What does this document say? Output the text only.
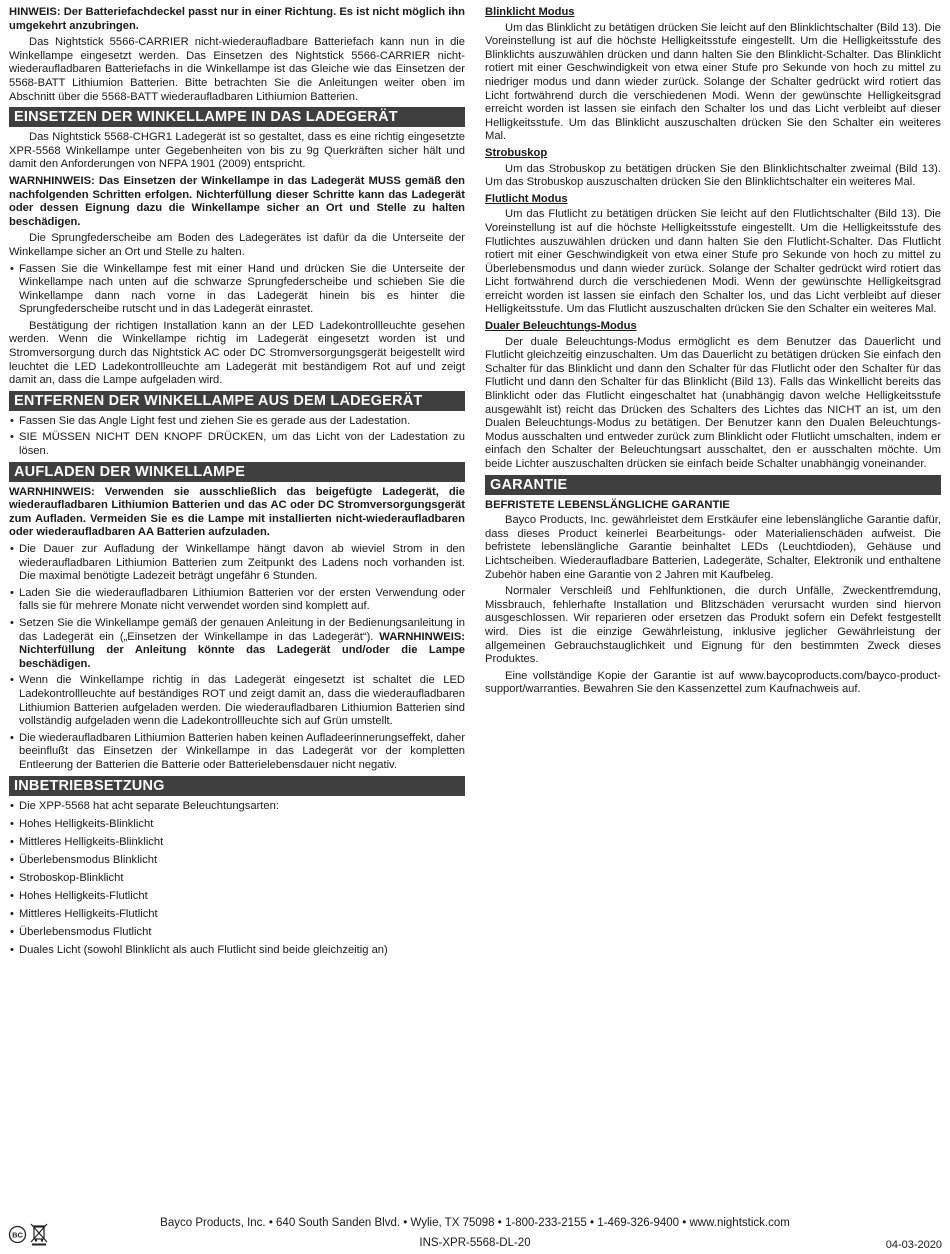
HINWEIS: Der Batteriefachdeckel passt nur in einer Richtung. Es ist nicht möglich ihn umgekehrt anzubringen.

Das Nightstick 5566-CARRIER nicht-wiederaufladbare Batteriefach kann nun in die Winkellampe eingesetzt werden. Das Einsetzen des Nightstick 5566-CARRIER nicht-wiederaufladbaren Batteriefachs in die Winkellampe ist das Gleiche wie das Einsetzen der 5568-BATT Lithiumion Batterien. Bitte betrachten Sie die Anleitungen weiter oben im Abschnitt über die 5568-BATT wiederaufladbaren Lithiumion Batterien.

EINSETZEN DER WINKELLAMPE IN DAS LADEGERÄT

Das Nightstick 5568-CHGR1 Ladegerät ist so gestaltet, dass es eine richtig eingesetzte XPR-5568 Winkellampe unter Gegebenheiten von bis zu 9g Querkräften sicher hält und damit den Anforderungen von NFPA 1901 (2009) entspricht.

WARNHINWEIS: Das Einsetzen der Winkellampe in das Ladegerät MUSS gemäß den nachfolgenden Schritten erfolgen. Nichterfüllung dieser Schritte kann das Ladegerät oder dessen Eignung dazu die Winkellampe sicher an Ort und Stelle zu halten beschädigen.

Die Sprungfederscheibe am Boden des Ladegerätes ist dafür da die Unterseite der Winkellampe sicher an Ort und Stelle zu halten.

• Fassen Sie die Winkellampe fest mit einer Hand und drücken Sie die Unterseite der Winkellampe nach unten auf die schwarze Sprungfederscheibe und schieben Sie die Winkellampe dann nach vorne in das Ladegerät hinein bis es hinter die Sprungfederscheibe rutscht und in das Ladegerät einrastet.

Bestätigung der richtigen Installation kann an der LED Ladekontrollleuchte gesehen werden. Wenn die Winkellampe richtig im Ladegerät eingesetzt worden ist und Stromversorgung durch das Nightstick AC oder DC Stromversorgungsgerät beigestellt wird leuchtet die LED Ladekontrollleuchte am Ladegerät mit beständigem Rot auf und zeigt damit an, dass die Lampe aufgeladen wird.

ENTFERNEN DER WINKELLAMPE AUS DEM LADEGERÄT
• Fassen Sie das Angle Light fest und ziehen Sie es gerade aus der Ladestation.
• SIE MÜSSEN NICHT DEN KNOPF DRÜCKEN, um das Licht von der Ladestation zu lösen.
AUFLADEN DER WINKELLAMPE

WARNHINWEIS: Verwenden sie ausschließlich das beigefügte Ladegerät, die wiederaufladbaren Lithiumion Batterien und das AC oder DC Stromversorgungsgerät zum Aufladen. Vermeiden Sie es die Lampe mit installierten nicht-wiederaufladbaren oder wiederaufladbaren AA Batterien aufzuladen.

• Die Dauer zur Aufladung der Winkellampe hängt davon ab wieviel Strom in den wiederaufladbaren Lithiumion Batterien zum Zeitpunkt des Ladens noch vorhanden ist. Die maximal benötigte Ladezeit beträgt ungefähr 6 Stunden.
• Laden Sie die wiederaufladbaren Lithiumion Batterien vor der ersten Verwendung oder falls sie für mehrere Monate nicht verwendet worden sind komplett auf.
• Setzen Sie die Winkellampe gemäß der genauen Anleitung in der Bedienungsanleitung in das Ladegerät ein („Einsetzen der Winkellampe in das Ladegerät“). WARNHINWEIS: Nichterfüllung der Anleitung könnte das Ladegerät und/oder die Lampe beschädigen.
• Wenn die Winkellampe richtig in das Ladegerät eingesetzt ist schaltet die LED Ladekontrollleuchte auf beständiges ROT und zeigt damit an, dass die wiederaufladbaren Lithiumion Batterien aufgeladen werden. Die wiederaufladbaren Lithiumion Batterien sind vollständig aufgeladen wenn die Ladekontrollleuchte sich auf Grün umstellt.
• Die wiederaufladbaren Lithiumion Batterien haben keinen Aufladeerinnerungseffekt, daher beeinflußt das Einsetzen der Winkellampe in das Ladegerät vor der kompletten Entleerung der Batterien die Batterie oder Batterielebensdauer nicht negativ.
INBETRIEBSETZUNG
• Die XPP-5568 hat acht separate Beleuchtungsarten:
• Hohes Helligkeits-Blinklicht
• Mittleres Helligkeits-Blinklicht
• Überlebensmodus Blinklicht
• Stroboskop-Blinklicht
• Hohes Helligkeits-Flutlicht
• Mittleres Helligkeits-Flutlicht
• Überlebensmodus Flutlicht
• Duales Licht (sowohl Blinklicht als auch Flutlicht sind beide gleichzeitig an)

Blinklicht Modus

Um das Blinklicht zu betätigen drücken Sie leicht auf den Blinklichtschalter (Bild 13). Die Voreinstellung ist auf die höchste Helligkeitsstufe eingestellt. Um die Helligkeitsstufe des Blinklichts auszuwählen drücken und dann halten Sie den Blinklicht-Schalter. Das Blinklicht rotiert mit einer Geschwindigkeit von etwa einer Stufe pro Sekunde von hoch zu mittel zu niedriger modus und dann wieder zurück. Solange der Schalter gedrückt wird rotiert das Licht fortwährend durch die verschiedenen Modi. Wenn der gewünschte Helligkeitsgrad erreicht worden ist lassen sie einfach den Schalter los und das Licht verbleibt auf dieser Helligkeitsstufe. Um das Blinklicht auszuschalten drücken Sie den Schalter ein weiteres Mal.

Strobuskop

Um das Strobuskop zu betätigen drücken Sie den Blinklichtschalter zweimal (Bild 13). Um das Strobuskop auszuschalten drücken Sie den Blinklichtschalter ein weiteres Mal.

Flutlicht Modus

Um das Flutlicht zu betätigen drücken Sie leicht auf den Flutlichtschalter (Bild 13). Die Voreinstellung ist auf die höchste Helligkeitsstufe eingestellt. Um die Helligkeitsstufe des Flutlichtes auszuwählen drücken und dann halten Sie den Flutlicht-Schalter. Das Flutlicht rotiert mit einer Geschwindigkeit von etwa einer Stufe pro Sekunde von hoch zu mittel zu Überlebensmodus und dann wieder zurück. Solange der Schalter gedrückt wird rotiert das Licht fortwährend durch die verschiedenen Modi. Wenn der gewünschte Helligkeitsgrad erreicht worden ist lassen sie einfach den Schalter los, und das Licht verbleibt auf dieser Helligkeitsstufe. Um das Flutlicht auszuschalten drücken Sie den Schalter ein weiteres Mal.

Dualer Beleuchtungs-Modus

Der duale Beleuchtungs-Modus ermöglicht es dem Benutzer das Dauerlicht und Flutlicht gleichzeitig einzuschalten. Um das Dauerlicht zu betätigen drücken Sie einfach den Schalter für das Blinklicht und dann den Schalter für das Flutlicht oder den Schalter für das Flutlicht und dann den Schalter für das Blinklicht (Bild 13). Falls das Winkellicht bereits das Blinklicht oder das Flutlicht eingeschaltet hat (unabhängig davon welche Helligkeitsstufe ausgewählt ist) reicht das Drücken des Schalters des Lichtes das NICHT an ist, um den Dualen Beleuchtungs-Modus zu betätigen. Der Benutzer kann den Dualen Beleuchtungs-Modus ausschalten und entweder zurück zum Blinklicht oder Flutlicht umschalten, indem er einfach den Schalter der Beleuchtungsart ausschaltet, den er ausschalten möchte. Um beide Lichter auszuschalten drücken sie einfach beide Schalter unabhängig voneinander.

GARANTIE

BEFRISTETE LEBENSLÄNGLICHE GARANTIE

Bayco Products, Inc. gewährleistet dem Erstkäufer eine lebenslängliche Garantie dafür, dass dieses Product keinerlei Bearbeitungs- oder Materialienschäden aufweist. Die befristete lebenslängliche Garantie beinhaltet LEDs (Leuchtdioden), Gehäuse und Lichtscheiben. Wiederaufladbare Batterien, Ladegeräte, Schalter, Elektronik und enthaltene Zubehör haben eine Garantie von 2 Jahren mit Kaufbeleg.

Normaler Verschleiß und Fehlfunktionen, die durch Unfälle, Zweckentfremdung, Missbrauch, fehlerhafte Installation und Blitzschäden verursacht wurden sind hiervon ausgeschlossen. Wir reparieren oder ersetzen das Produkt sofern ein Defekt festgestellt wird. Dies ist die einzige Gewährleistung, inklusive jeglicher Gewährleistung der allgemeinen Gebrauchstauglichkeit und Eignung für den bestimmten Zweck dieses Produktes.

Eine vollständige Kopie der Garantie ist auf www.baycoproducts.com/bayco-product-support/warranties. Bewahren Sie den Kassenzettel zum Kaufnachweis auf.

BC
Bayco Products, Inc. • 640 South Sanden Blvd. • Wylie, TX 75098 • 1-800-233-2155 • 1-469-326-9400 • www.nightstick.com
INS-XPR-5568-DL-20	04-03-2020
